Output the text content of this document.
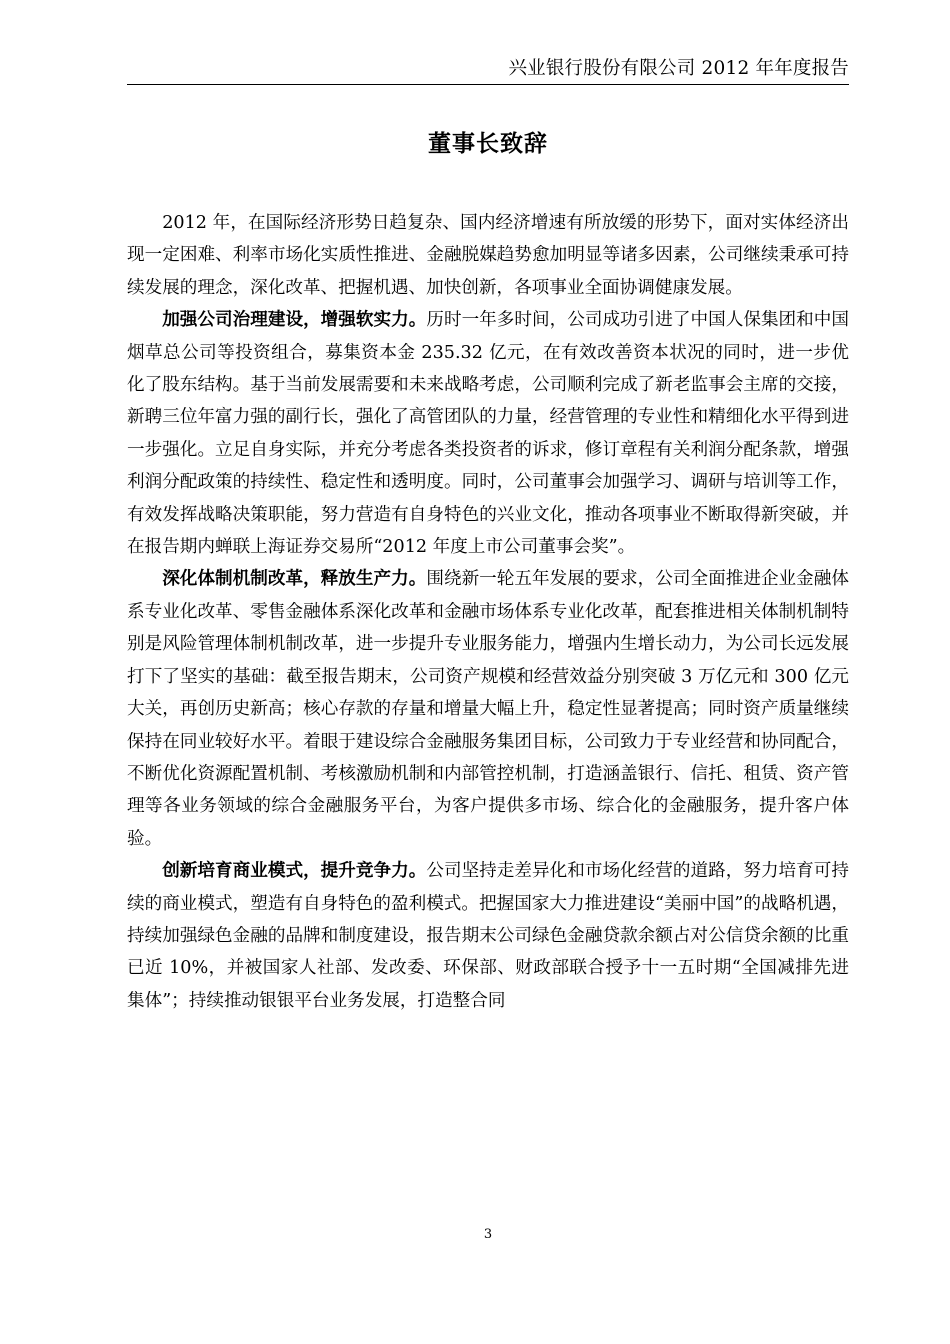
兴业银行股份有限公司 2012 年年度报告
董事长致辞

2012 年，在国际经济形势日趋复杂、国内经济增速有所放缓的形势下，面对实体经济出现一定困难、利率市场化实质性推进、金融脱媒趋势愈加明显等诸多因素，公司继续秉承可持续发展的理念，深化改革、把握机遇、加快创新，各项事业全面协调健康发展。

加强公司治理建设，增强软实力。历时一年多时间，公司成功引进了中国人保集团和中国烟草总公司等投资组合，募集资本金 235.32 亿元，在有效改善资本状况的同时，进一步优化了股东结构。基于当前发展需要和未来战略考虑，公司顺利完成了新老监事会主席的交接，新聘三位年富力强的副行长，强化了高管团队的力量，经营管理的专业性和精细化水平得到进一步强化。立足自身实际，并充分考虑各类投资者的诉求，修订章程有关利润分配条款，增强利润分配政策的持续性、稳定性和透明度。同时，公司董事会加强学习、调研与培训等工作，有效发挥战略决策职能，努力营造有自身特色的兴业文化，推动各项事业不断取得新突破，并在报告期内蝉联上海证券交易所“2012 年度上市公司董事会奖”。

深化体制机制改革，释放生产力。围绕新一轮五年发展的要求，公司全面推进企业金融体系专业化改革、零售金融体系深化改革和金融市场体系专业化改革，配套推进相关体制机制特别是风险管理体制机制改革，进一步提升专业服务能力，增强内生增长动力，为公司长远发展打下了坚实的基础：截至报告期末，公司资产规模和经营效益分别突破 3 万亿元和 300 亿元大关，再创历史新高；核心存款的存量和增量大幅上升，稳定性显著提高；同时资产质量继续保持在同业较好水平。着眼于建设综合金融服务集团目标，公司致力于专业经营和协同配合，不断优化资源配置机制、考核激励机制和内部管控机制，打造涵盖银行、信托、租赁、资产管理等各业务领域的综合金融服务平台，为客户提供多市场、综合化的金融服务，提升客户体验。

创新培育商业模式，提升竞争力。公司坚持走差异化和市场化经营的道路，努力培育可持续的商业模式，塑造有自身特色的盈利模式。把握国家大力推进建设“美丽中国”的战略机遇，持续加强绿色金融的品牌和制度建设，报告期末公司绿色金融贷款余额占对公信贷余额的比重已近 10%，并被国家人社部、发改委、环保部、财政部联合授予十一五时期“全国减排先进集体”；持续推动银银平台业务发展，打造整合同

3
